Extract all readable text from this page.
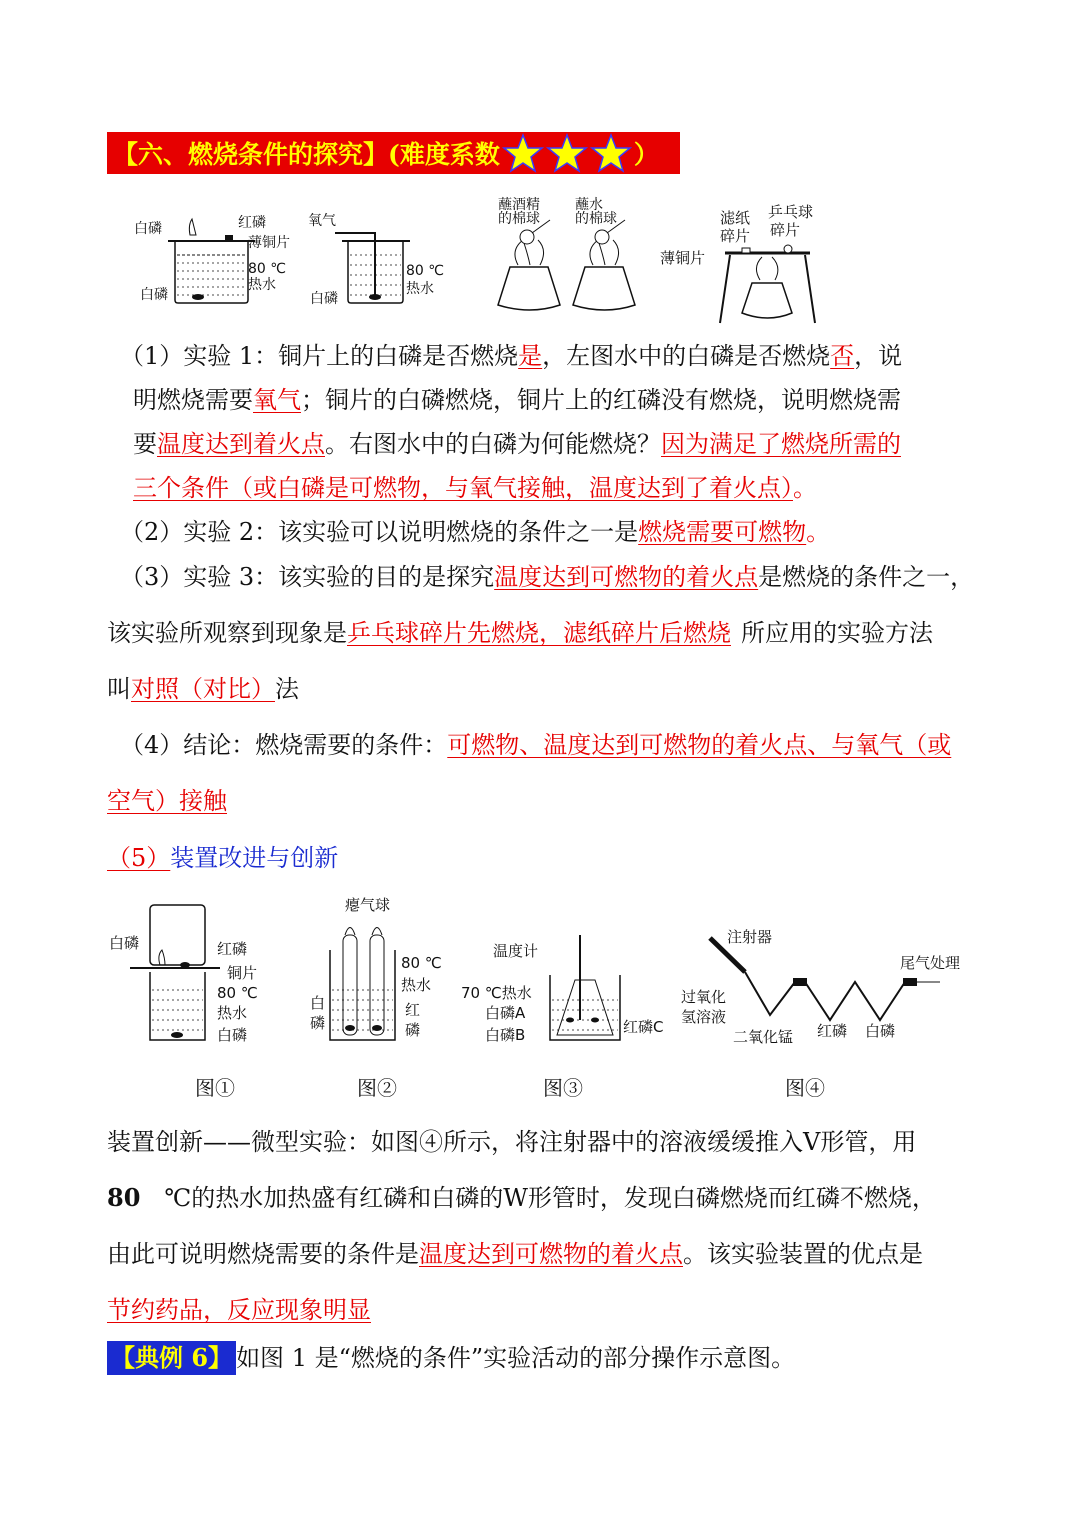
【六、燃烧条件的探究】(难度系数	）
白磷	红磷
薄铜片
80 ℃
热水
白磷
氧气
80 ℃
热水
白磷
蘸酒精
的棉球
蘸水
的棉球	滤纸
碎片
乒乓球
碎片
薄铜片
（1）实验 1：铜片上的白磷是否燃烧是，左图水中的白磷是否燃烧否，说
明燃烧需要氧气；铜片的白磷燃烧，铜片上的红磷没有燃烧，说明燃烧需
要温度达到着火点。右图水中的白磷为何能燃烧？因为满足了燃烧所需的
三个条件（或白磷是可燃物，与氧气接触，温度达到了着火点）。
（2）实验 2：该实验可以说明燃烧的条件之一是燃烧需要可燃物。
（3）实验 3：该实验的目的是探究温度达到可燃物的着火点是燃烧的条件之一，
该实验所观察到现象是乒乓球碎片先燃烧，滤纸碎片后燃烧 所应用的实验方法
叫对照（对比）法
（4）结论：燃烧需要的条件：可燃物、温度达到可燃物的着火点、与氧气（或
空气）接触
（5）装置改进与创新
白磷	红磷
铜片
80 ℃
热水
白磷
瘪气球
80 ℃
热水
白
磷
红
磷
温度计
70 ℃热水
白磷A
白磷B	红磷C
注射器
过氧化
氢溶液
二氧化锰 红磷 白磷
尾气处理
图①	图②	图③	图④
装置创新——微型实验：如图④所示，将注射器中的溶液缓缓推入V形管，用
80 ℃的热水加热盛有红磷和白磷的W形管时，发现白磷燃烧而红磷不燃烧，
由此可说明燃烧需要的条件是温度达到可燃物的着火点。该实验装置的优点是
节约药品，反应现象明显
【典例 6】 如图 1 是“燃烧的条件”实验活动的部分操作示意图。
